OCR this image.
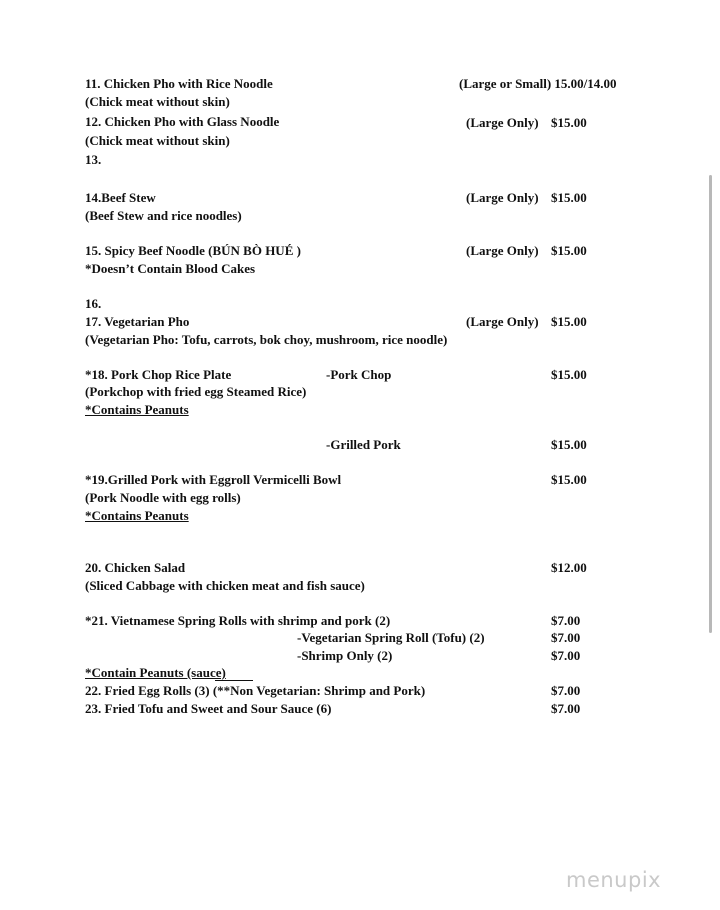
11. Chicken Pho with Rice Noodle	(Large or Small) 15.00/14.00
(Chick meat without skin)
12. Chicken Pho with Glass Noodle	(Large Only) $15.00
(Chick meat without skin)
13.
14.Beef Stew	(Large Only) $15.00
(Beef Stew and rice noodles)
15. Spicy Beef Noodle (BÚN BÒ HUÉ )	(Large Only) $15.00
*Doesn’t Contain Blood Cakes
16.
17. Vegetarian Pho	(Large Only) $15.00
(Vegetarian Pho: Tofu, carrots, bok choy, mushroom, rice noodle)
*18. Pork Chop Rice Plate	-Pork Chop	$15.00
(Porkchop with fried egg Steamed Rice)
*Contains Peanuts
-Grilled Pork	$15.00
*19.Grilled Pork with Eggroll Vermicelli Bowl	$15.00
(Pork Noodle with egg rolls)
*Contains Peanuts
20. Chicken Salad	$12.00
(Sliced Cabbage with chicken meat and fish sauce)
*21. Vietnamese Spring Rolls with shrimp and pork (2)	$7.00
-Vegetarian Spring Roll (Tofu) (2)	$7.00
-Shrimp Only (2)	$7.00
*Contain Peanuts (sauce)
22. Fried Egg Rolls (3) (**Non Vegetarian: Shrimp and Pork)	$7.00
23. Fried Tofu and Sweet and Sour Sauce (6)	$7.00
menupix
